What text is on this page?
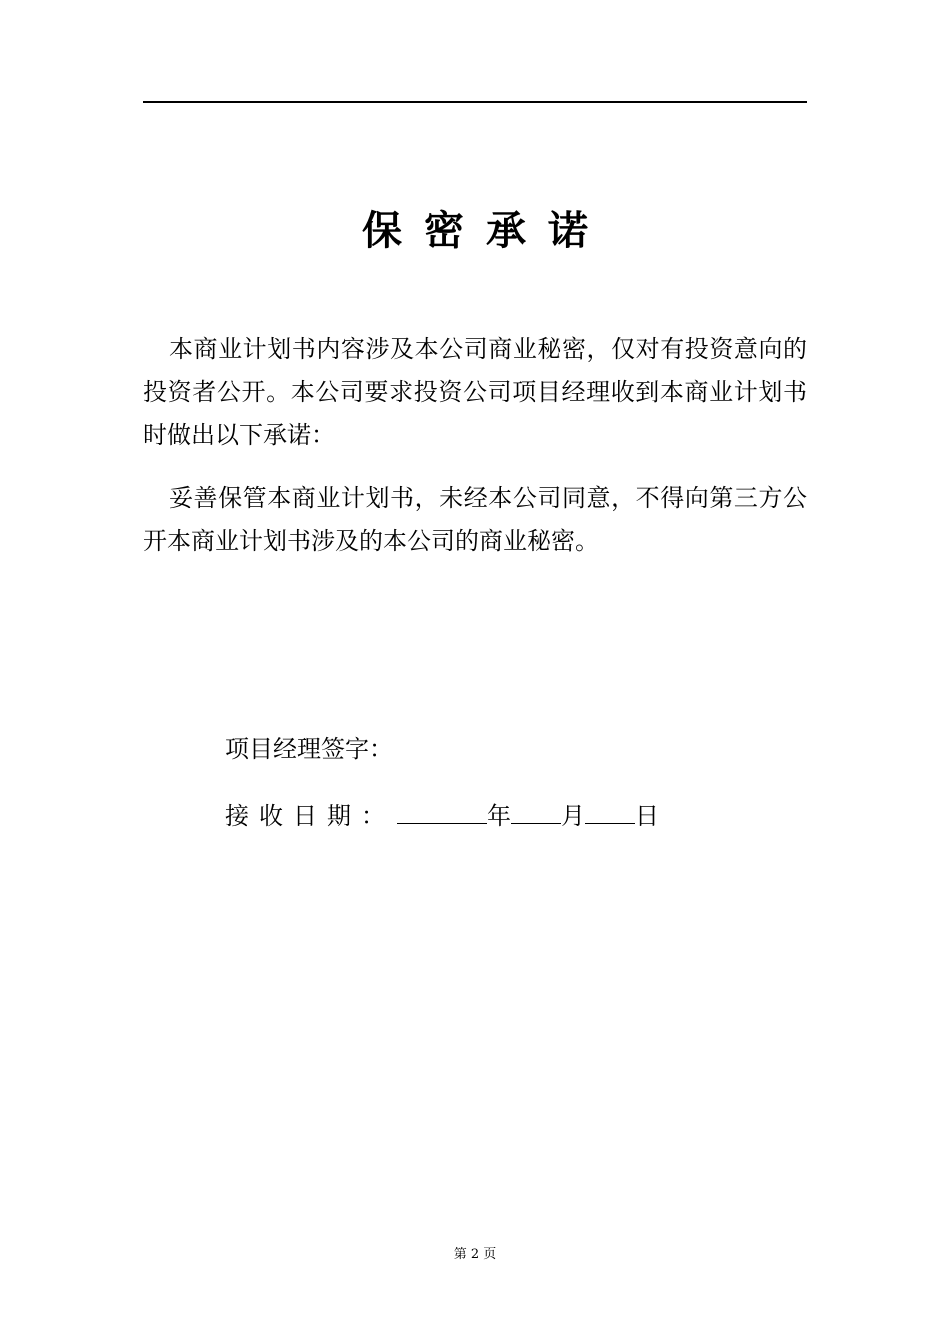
保密承诺

本商业计划书内容涉及本公司商业秘密，仅对有投资意向的投资者公开。本公司要求投资公司项目经理收到本商业计划书时做出以下承诺：

妥善保管本商业计划书，未经本公司同意，不得向第三方公开本商业计划书涉及的本公司的商业秘密。

项目经理签字：
接收日期：	年 月 日
第 2 页
